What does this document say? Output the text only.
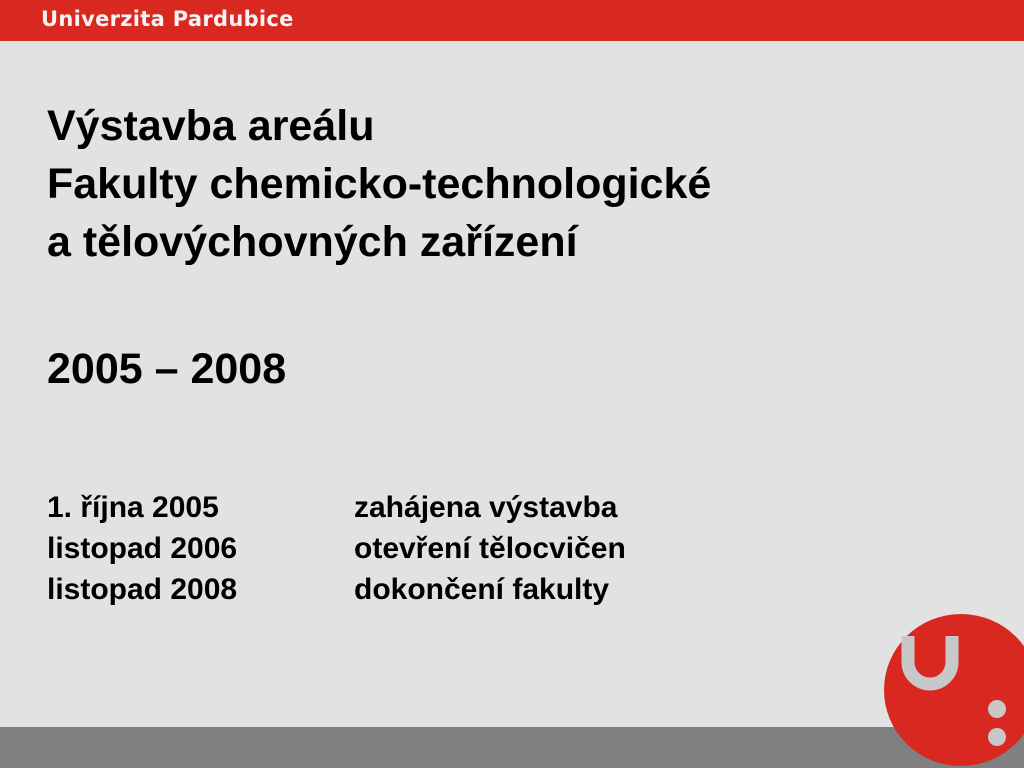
Univerzita Pardubice
Výstavba areálu
Fakulty chemicko-technologické
a tělovýchovných zařízení
2005 – 2008
1. října 2005	zahájena výstavba
listopad 2006	otevření tělocvičen
listopad 2008	dokončení fakulty
